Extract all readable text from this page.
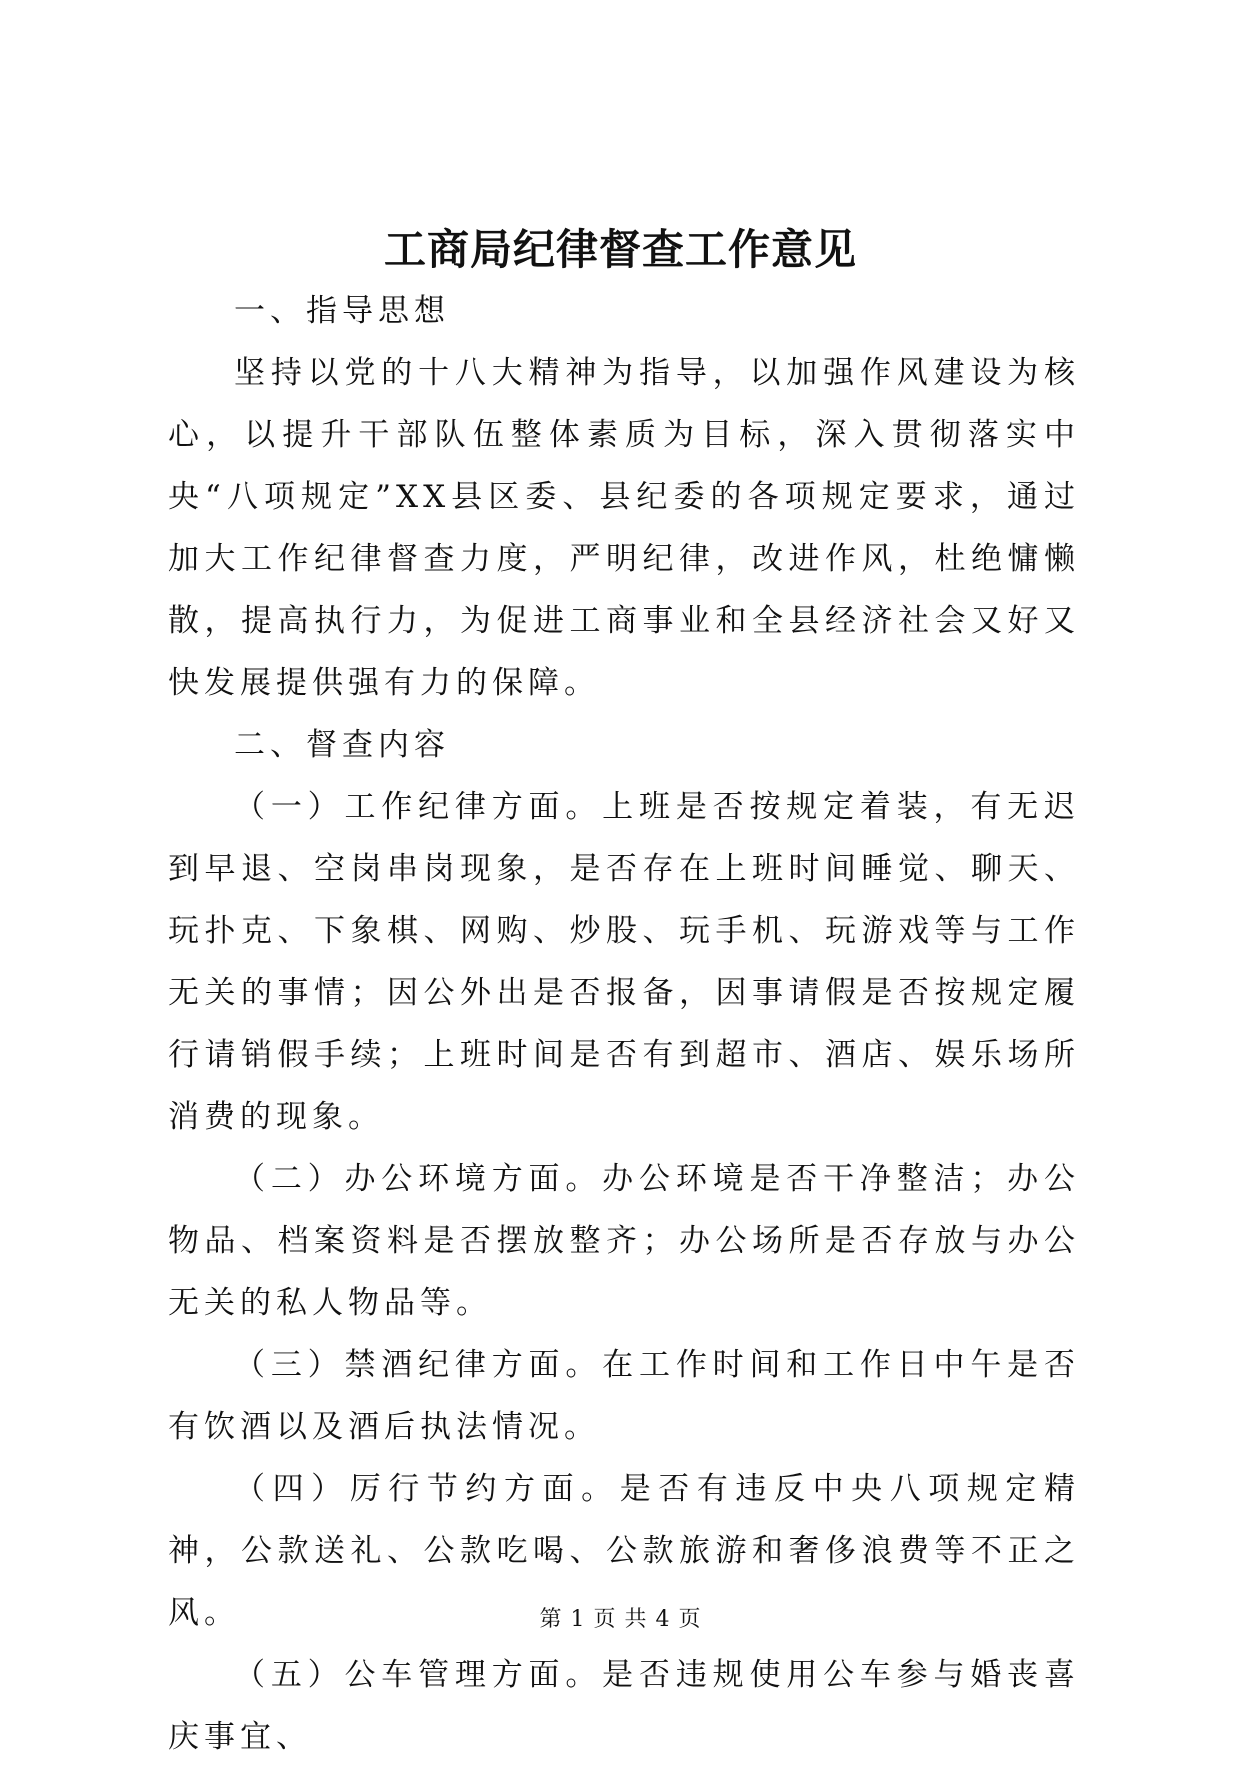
工商局纪律督查工作意见

一、指导思想

坚持以党的十八大精神为指导，以加强作风建设为核心，以提升干部队伍整体素质为目标，深入贯彻落实中央“八项规定”XX县区委、县纪委的各项规定要求，通过加大工作纪律督查力度，严明纪律，改进作风，杜绝慵懒散，提高执行力，为促进工商事业和全县经济社会又好又快发展提供强有力的保障。

二、督查内容

（一）工作纪律方面。上班是否按规定着装，有无迟到早退、空岗串岗现象，是否存在上班时间睡觉、聊天、玩扑克、下象棋、网购、炒股、玩手机、玩游戏等与工作无关的事情；因公外出是否报备，因事请假是否按规定履行请销假手续；上班时间是否有到超市、酒店、娱乐场所消费的现象。

（二）办公环境方面。办公环境是否干净整洁；办公物品、档案资料是否摆放整齐；办公场所是否存放与办公无关的私人物品等。

（三）禁酒纪律方面。在工作时间和工作日中午是否有饮酒以及酒后执法情况。

（四）厉行节约方面。是否有违反中央八项规定精神，公款送礼、公款吃喝、公款旅游和奢侈浪费等不正之风。

（五）公车管理方面。是否违规使用公车参与婚丧喜庆事宜、

第 1 页 共 4 页
